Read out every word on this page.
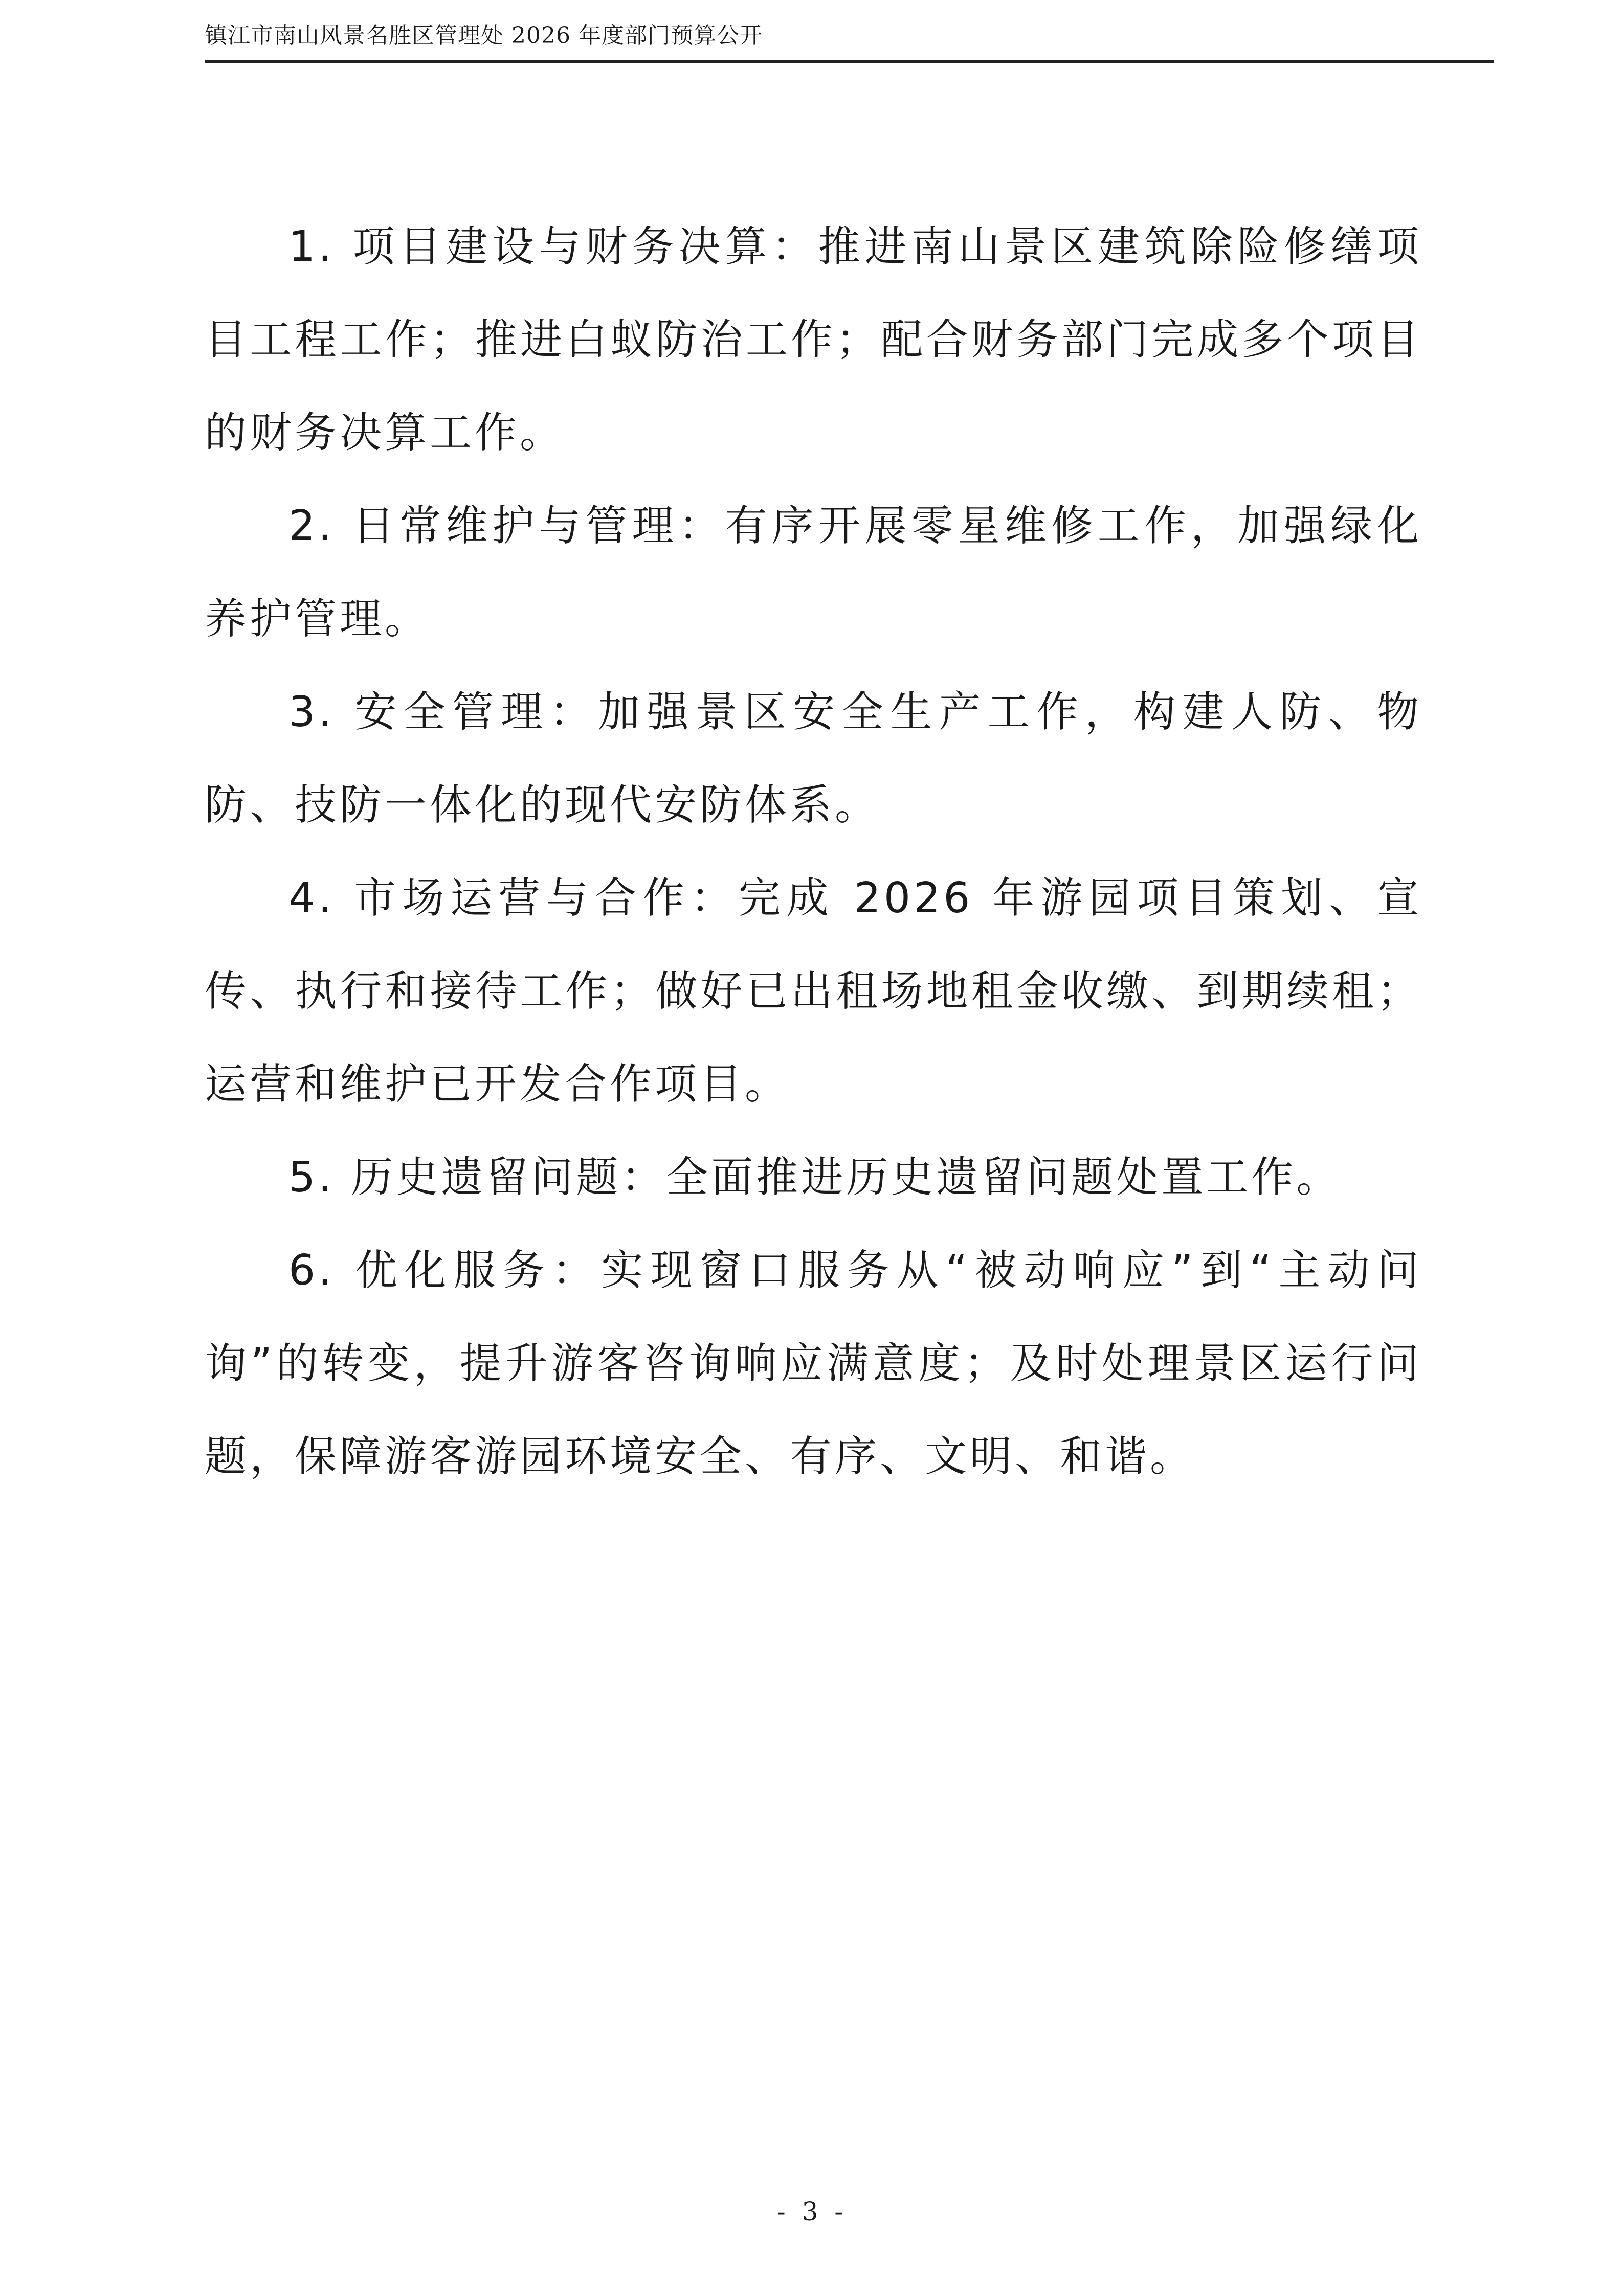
镇江市南山风景名胜区管理处 2026 年度部门预算公开

1. 项目建设与财务决算：推进南山景区建筑除险修缮项目工程工作；推进白蚁防治工作；配合财务部门完成多个项目的财务决算工作。

2. 日常维护与管理：有序开展零星维修工作，加强绿化养护管理。

3. 安全管理：加强景区安全生产工作，构建人防、物防、技防一体化的现代安防体系。

4. 市场运营与合作：完成 2026 年游园项目策划、宣传、执行和接待工作；做好已出租场地租金收缴、到期续租；运营和维护已开发合作项目。

5. 历史遗留问题：全面推进历史遗留问题处置工作。

6. 优化服务：实现窗口服务从“被动响应”到“主动问询”的转变，提升游客咨询响应满意度；及时处理景区运行问题，保障游客游园环境安全、有序、文明、和谐。

- 3 -
